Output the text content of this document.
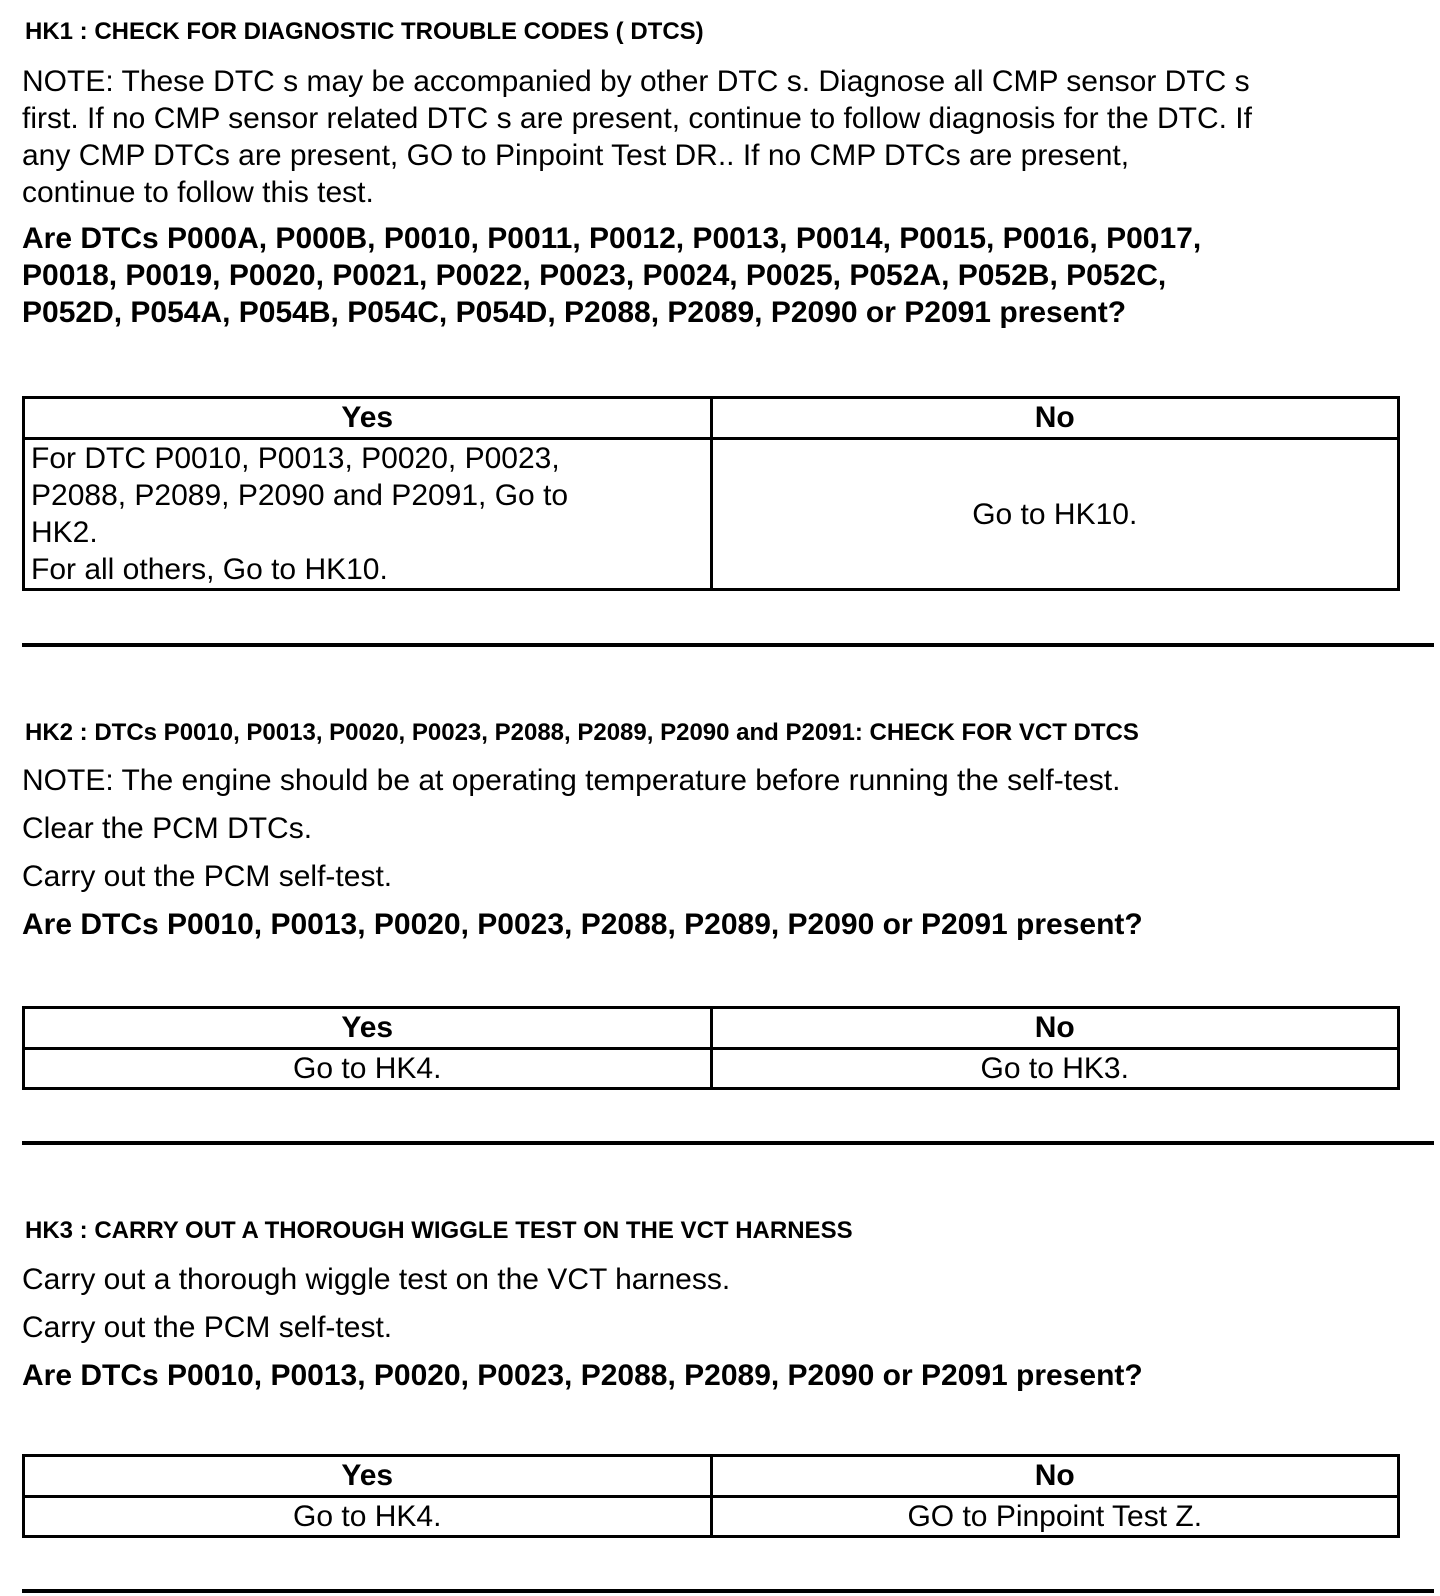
HK1 : CHECK FOR DIAGNOSTIC TROUBLE CODES ( DTCS)
NOTE: These DTC s may be accompanied by other DTC s. Diagnose all CMP sensor DTC s
first. If no CMP sensor related DTC s are present, continue to follow diagnosis for the DTC. If
any CMP DTCs are present, GO to Pinpoint Test DR.. If no CMP DTCs are present,
continue to follow this test.
Are DTCs P000A, P000B, P0010, P0011, P0012, P0013, P0014, P0015, P0016, P0017,
P0018, P0019, P0020, P0021, P0022, P0023, P0024, P0025, P052A, P052B, P052C,
P052D, P054A, P054B, P054C, P054D, P2088, P2089, P2090 or P2091 present?
Yes	No

For DTC P0010, P0013, P0020, P0023,
P2088, P2089, P2090 and P2091, Go to
HK2.
For all others, Go to HK10.	Go to HK10.
HK2 : DTCs P0010, P0013, P0020, P0023, P2088, P2089, P2090 and P2091: CHECK FOR VCT DTCS
NOTE: The engine should be at operating temperature before running the self-test.
Clear the PCM DTCs.
Carry out the PCM self-test.
Are DTCs P0010, P0013, P0020, P0023, P2088, P2089, P2090 or P2091 present?
Yes	No
Go to HK4.	Go to HK3.
HK3 : CARRY OUT A THOROUGH WIGGLE TEST ON THE VCT HARNESS
Carry out a thorough wiggle test on the VCT harness.
Carry out the PCM self-test.
Are DTCs P0010, P0013, P0020, P0023, P2088, P2089, P2090 or P2091 present?
Yes	No
Go to HK4.	GO to Pinpoint Test Z.
